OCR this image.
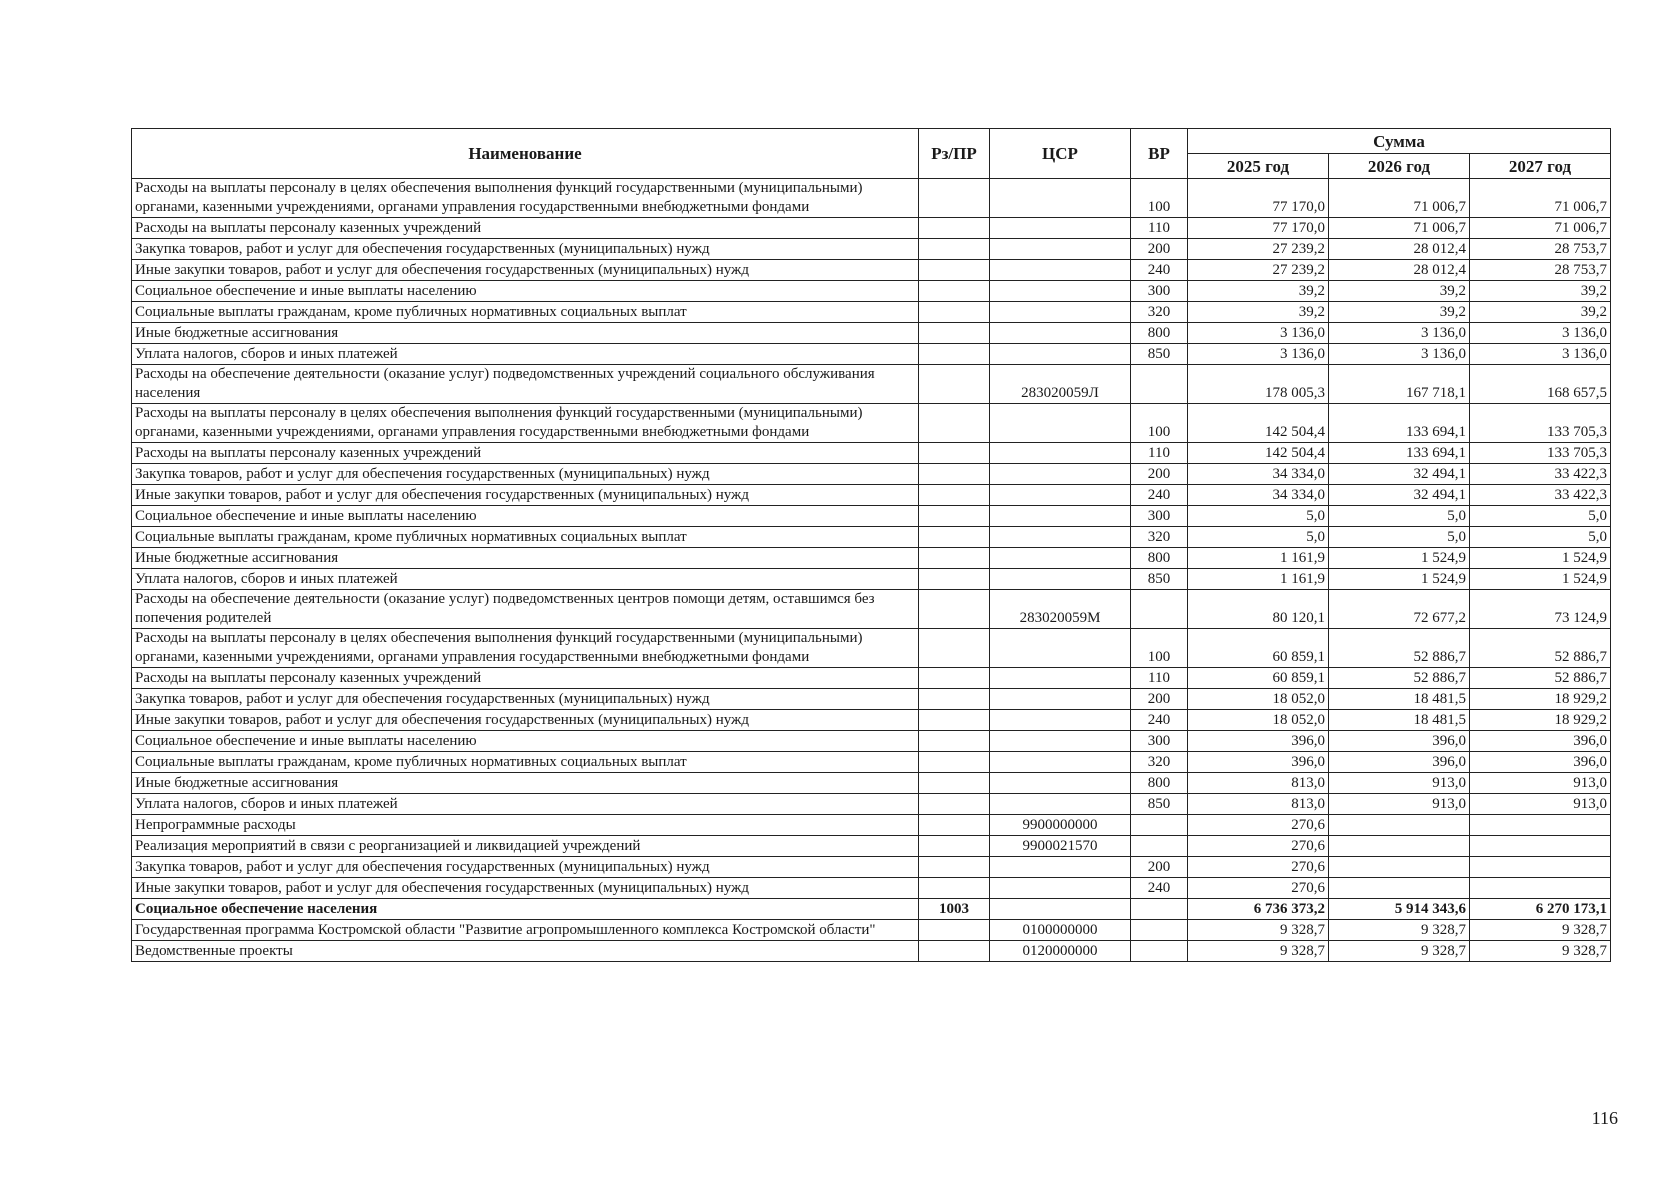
Наименование	Рз/ПР	ЦСР	ВР	Сумма		
				2025 год	2026 год	2027 год
Расходы на выплаты персоналу в целях обеспечения выполнения функций государственными (муниципальными) органами, казенными учреждениями, органами управления государственными внебюджетными фондами			100	77 170,0	71 006,7	71 006,7
Расходы на выплаты персоналу казенных учреждений			110	77 170,0	71 006,7	71 006,7
Закупка товаров, работ и услуг для обеспечения государственных (муниципальных) нужд			200	27 239,2	28 012,4	28 753,7
Иные закупки товаров, работ и услуг для обеспечения государственных (муниципальных) нужд			240	27 239,2	28 012,4	28 753,7
Социальное обеспечение и иные выплаты населению			300	39,2	39,2	39,2
Социальные выплаты гражданам, кроме публичных нормативных социальных выплат			320	39,2	39,2	39,2
Иные бюджетные ассигнования			800	3 136,0	3 136,0	3 136,0
Уплата налогов, сборов и иных платежей			850	3 136,0	3 136,0	3 136,0
Расходы на обеспечение деятельности (оказание услуг) подведомственных учреждений социального обслуживания населения		283020059Л		178 005,3	167 718,1	168 657,5
Расходы на выплаты персоналу в целях обеспечения выполнения функций государственными (муниципальными) органами, казенными учреждениями, органами управления государственными внебюджетными фондами			100	142 504,4	133 694,1	133 705,3
Расходы на выплаты персоналу казенных учреждений			110	142 504,4	133 694,1	133 705,3
Закупка товаров, работ и услуг для обеспечения государственных (муниципальных) нужд			200	34 334,0	32 494,1	33 422,3
Иные закупки товаров, работ и услуг для обеспечения государственных (муниципальных) нужд			240	34 334,0	32 494,1	33 422,3
Социальное обеспечение и иные выплаты населению			300	5,0	5,0	5,0
Социальные выплаты гражданам, кроме публичных нормативных социальных выплат			320	5,0	5,0	5,0
Иные бюджетные ассигнования			800	1 161,9	1 524,9	1 524,9
Уплата налогов, сборов и иных платежей			850	1 161,9	1 524,9	1 524,9
Расходы на обеспечение деятельности (оказание услуг) подведомственных центров помощи детям, оставшимся без попечения родителей		283020059М		80 120,1	72 677,2	73 124,9
Расходы на выплаты персоналу в целях обеспечения выполнения функций государственными (муниципальными) органами, казенными учреждениями, органами управления государственными внебюджетными фондами			100	60 859,1	52 886,7	52 886,7
Расходы на выплаты персоналу казенных учреждений			110	60 859,1	52 886,7	52 886,7
Закупка товаров, работ и услуг для обеспечения государственных (муниципальных) нужд			200	18 052,0	18 481,5	18 929,2
Иные закупки товаров, работ и услуг для обеспечения государственных (муниципальных) нужд			240	18 052,0	18 481,5	18 929,2
Социальное обеспечение и иные выплаты населению			300	396,0	396,0	396,0
Социальные выплаты гражданам, кроме публичных нормативных социальных выплат			320	396,0	396,0	396,0
Иные бюджетные ассигнования			800	813,0	913,0	913,0
Уплата налогов, сборов и иных платежей			850	813,0	913,0	913,0
Непрограммные расходы		9900000000		270,6		
Реализация мероприятий в связи с реорганизацией и ликвидацией учреждений		9900021570		270,6		
Закупка товаров, работ и услуг для обеспечения государственных (муниципальных) нужд			200	270,6		
Иные закупки товаров, работ и услуг для обеспечения государственных (муниципальных) нужд			240	270,6		
Социальное обеспечение населения	1003			6 736 373,2	5 914 343,6	6 270 173,1
Государственная программа Костромской области "Развитие агропромышленного комплекса Костромской области"		0100000000		9 328,7	9 328,7	9 328,7
Ведомственные проекты		0120000000		9 328,7	9 328,7	9 328,7
116
